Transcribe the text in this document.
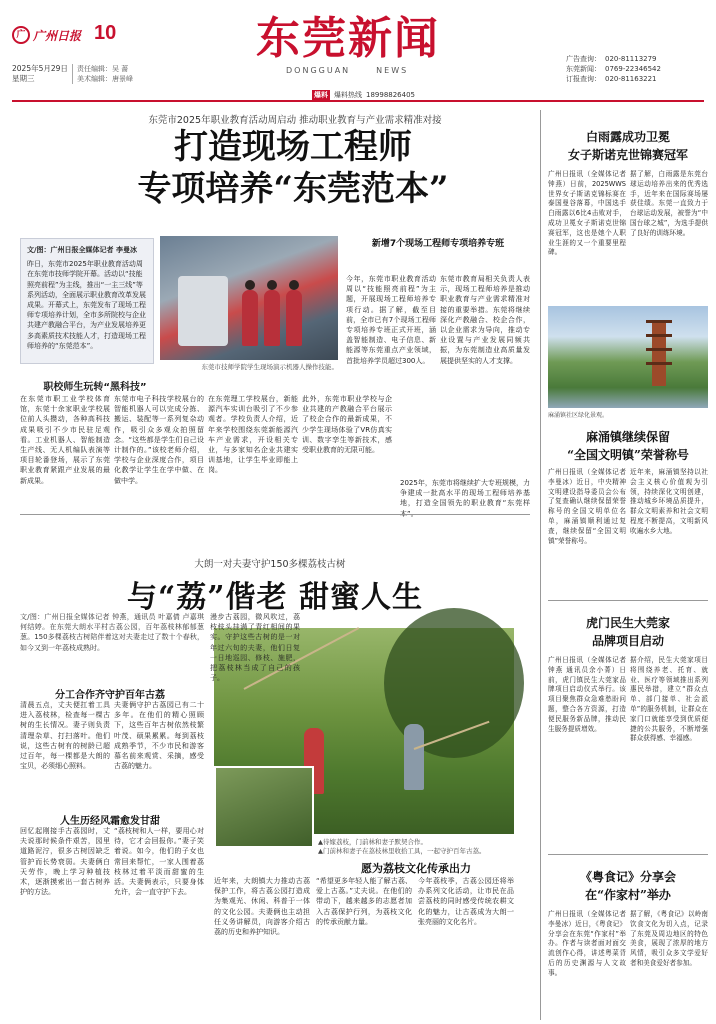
广 广州日报 10
2025年5月29日
星期三
责任编辑：吴 蔷
美术编辑：唐景峰
东莞新闻
DONGGUAN	NEWS
广告查询： 020-81113279
东莞新闻： 0769-22346542
订报查询： 020-81163221
爆料 爆料热线 18998826405
东莞市2025年职业教育活动周启动 推动职业教育与产业需求精准对接
打造现场工程师
专项培养“东莞范本”
文/图：广州日报全媒体记者 李曼冰
昨日，东莞市2025年职业教育活动周在东莞市技师学院开幕。活动以“技能照亮前程”为主线，推出“一主三线”等系列活动，全面展示职业教育改革发展成果。开幕式上，东莞发布了现场工程师专项培养计划，全市多所院校与企业共建产教融合平台，为产业发展培养更多高素质技术技能人才，打造现场工程师培养的“东莞范本”。
东莞市技师学院学生现场演示机器人操作技能。
职校师生玩转“黑科技”
在东莞市职工业学校体育馆，东莞十余家职业学校展位前人头攒动，各种高科技成果吸引不少市民驻足观看。工业机器人、智能制造生产线、无人机编队表演等项目轮番登场，展示了东莞职业教育紧跟产业发展的最新成果。
东莞市电子科技学校展台的智能机器人可以完成分拣、搬运、装配等一系列复杂动作，吸引众多观众拍照留念。“这些都是学生们自己设计制作的。”该校老师介绍，学校与企业深度合作，项目化教学让学生在学中做、在做中学。
在东莞理工学校展台，新能源汽车实训台吸引了不少参观者。学校负责人介绍，近年来学校围绕东莞新能源汽车产业需求，开设相关专业，与多家知名企业共建实训基地，让学生毕业即能上岗。
此外，东莞市职业学校与企业共建的产教融合平台展示了校企合作的最新成果，不少学生现场体验了VR仿真实训、数字孪生等新技术，感受职业教育的无限可能。
新增7个现场工程师专项培养专班
今年，东莞市职业教育活动周以“技能照亮前程”为主题，开展现场工程师培养专项行动。据了解，截至目前，全市已有7个现场工程师专项培养专班正式开班，涵盖智能制造、电子信息、新能源等东莞重点产业领域，首批培养学员超过300人。
东莞市教育局相关负责人表示，现场工程师培养是推动职业教育与产业需求精准对接的重要举措。东莞将继续深化产教融合、校企合作，以企业需求为导向，推动专业设置与产业发展同频共振，为东莞制造业高质量发展提供坚实的人才支撑。
2025年，东莞市将继续扩大专班规模，力争建成一批高水平的现场工程师培养基地，打造全国领先的职业教育“东莞样
大朗一对夫妻守护150多棵荔枝古树
与“荔”偕老 甜蜜人生
文/图：广州日报全媒体记者 钟燕，通讯员 叶嘉倩 卢嘉琪 何结婷。在东莞大朗水平村古荔公园，百年荔枝林郁郁葱葱。150多棵荔枝古树陪伴着这对夫妻走过了数十个春秋，如今又到一年荔枝成熟时。
分工合作齐守护百年古荔
清晨五点，丈夫便扛着工具进入荔枝林，检查每一棵古树的生长情况。妻子则负责清理杂草、打扫落叶。他们说，这些古树有的树龄已超过百年，每一棵都是大朗的宝贝，必须细心照料。
夫妻俩守护古荔园已有二十多年。在他们的精心照顾下，这些百年古树依然枝繁叶茂、硕果累累。每到荔枝成熟季节，不少市民和游客慕名前来观赏、采摘，感受古荔的魅力。
人生历经风霜愈发甘甜
回忆起刚接手古荔园时，丈夫说那时候条件艰苦，园里道路泥泞，很多古树因缺乏管护而长势衰弱。夫妻俩白天劳作，晚上学习种植技术，逐渐摸索出一套古树养护的方法。
“荔枝树和人一样，要用心对待，它才会回报你。”妻子笑着说。如今，他们的子女也常回来帮忙，一家人围着荔枝林过着平淡而甜蜜的生活。夫妻俩表示，只要身体允许，会一直守护下去。
▲待嫁荔枝，门前林和妻子默契合作。
▲门前林和妻子在荔枝林里收拾工具，一起守护百年古荔。
漫步古荔园，微风吹过，荔枝枝头挂满了青红相间的果实。守护这些古树的是一对年过六旬的夫妻，他们日复一日地巡园、修枝、施肥，把荔枝林当成了自己的孩子。
愿为荔枝文化传承出力
近年来，大朗镇大力推动古荔保护工作，将古荔公园打造成为集观光、休闲、科普于一体的文化公园。夫妻俩也主动担任义务讲解员，向游客介绍古荔的历史和养护知识。
“希望更多年轻人能了解古荔、爱上古荔。”丈夫说。在他们的带动下，越来越多的志愿者加入古荔保护行列，为荔枝文化的传承贡献力量。
今年荔枝季，古荔公园还将举办系列文化活动，让市民在品尝荔枝的同时感受传统农耕文化的魅力，让古荔成为大朗一张亮丽的文化名片。
白雨露成功卫冕
女子斯诺克世锦赛冠军
广州日报讯（全媒体记者钟燕）日前，2025WWS世界女子斯诺克锦标赛在泰国曼谷落幕，中国选手白雨露以6比4击败对手，成功卫冕女子斯诺克世锦赛冠军，这也是她个人职业生涯的又一个重要里程碑。
据了解，白雨露是东莞台球运动培养出来的优秀选手，近年来在国际赛场屡获佳绩。东莞一直致力于台球运动发展，被誉为“中国台球之城”，为选手提供了良好的训练环境。
麻涌镇社区绿化景观。
麻涌镇继续保留
“全国文明镇”荣誉称号
广州日报讯（全媒体记者李曼冰）近日，中央精神文明建设指导委员会公布了复查确认继续保留荣誉称号的全国文明单位名单，麻涌镇顺利通过复查，继续保留“全国文明镇”荣誉称号。
近年来，麻涌镇坚持以社会主义核心价值观为引领，持续深化文明创建，推动城乡环境品质提升，群众文明素养和社会文明程度不断提高，文明新风吹遍水乡大地。
虎门民生大莞家
品牌项目启动
广州日报讯（全媒体记者钟燕 通讯员余小菁）日前，虎门镇民生大莞家品牌项目启动仪式举行。该项目聚焦群众急难愁盼问题，整合各方资源，打造便民服务新品牌，推动民生服务提质增效。
据介绍，民生大莞家项目将围绕养老、托育、就业、医疗等领域推出系列惠民举措，建立“群众点单、部门接单、社会派单”的服务机制，让群众在家门口就能享受到优质便捷的公共服务，不断增强群众获得感、幸福感。
《粤食记》分享会
在“作家村”举办
广州日报讯（全媒体记者李曼冰）近日，《粤食记》分享会在东莞“作家村”举办。作者与读者面对面交流创作心得，讲述粤菜背后的历史渊源与人文故事。
据了解，《粤食记》以岭南饮食文化为切入点，记录了东莞及周边地区的特色美食，展现了浓厚的地方风情，吸引众多文学爱好者和美食爱好者参加。
